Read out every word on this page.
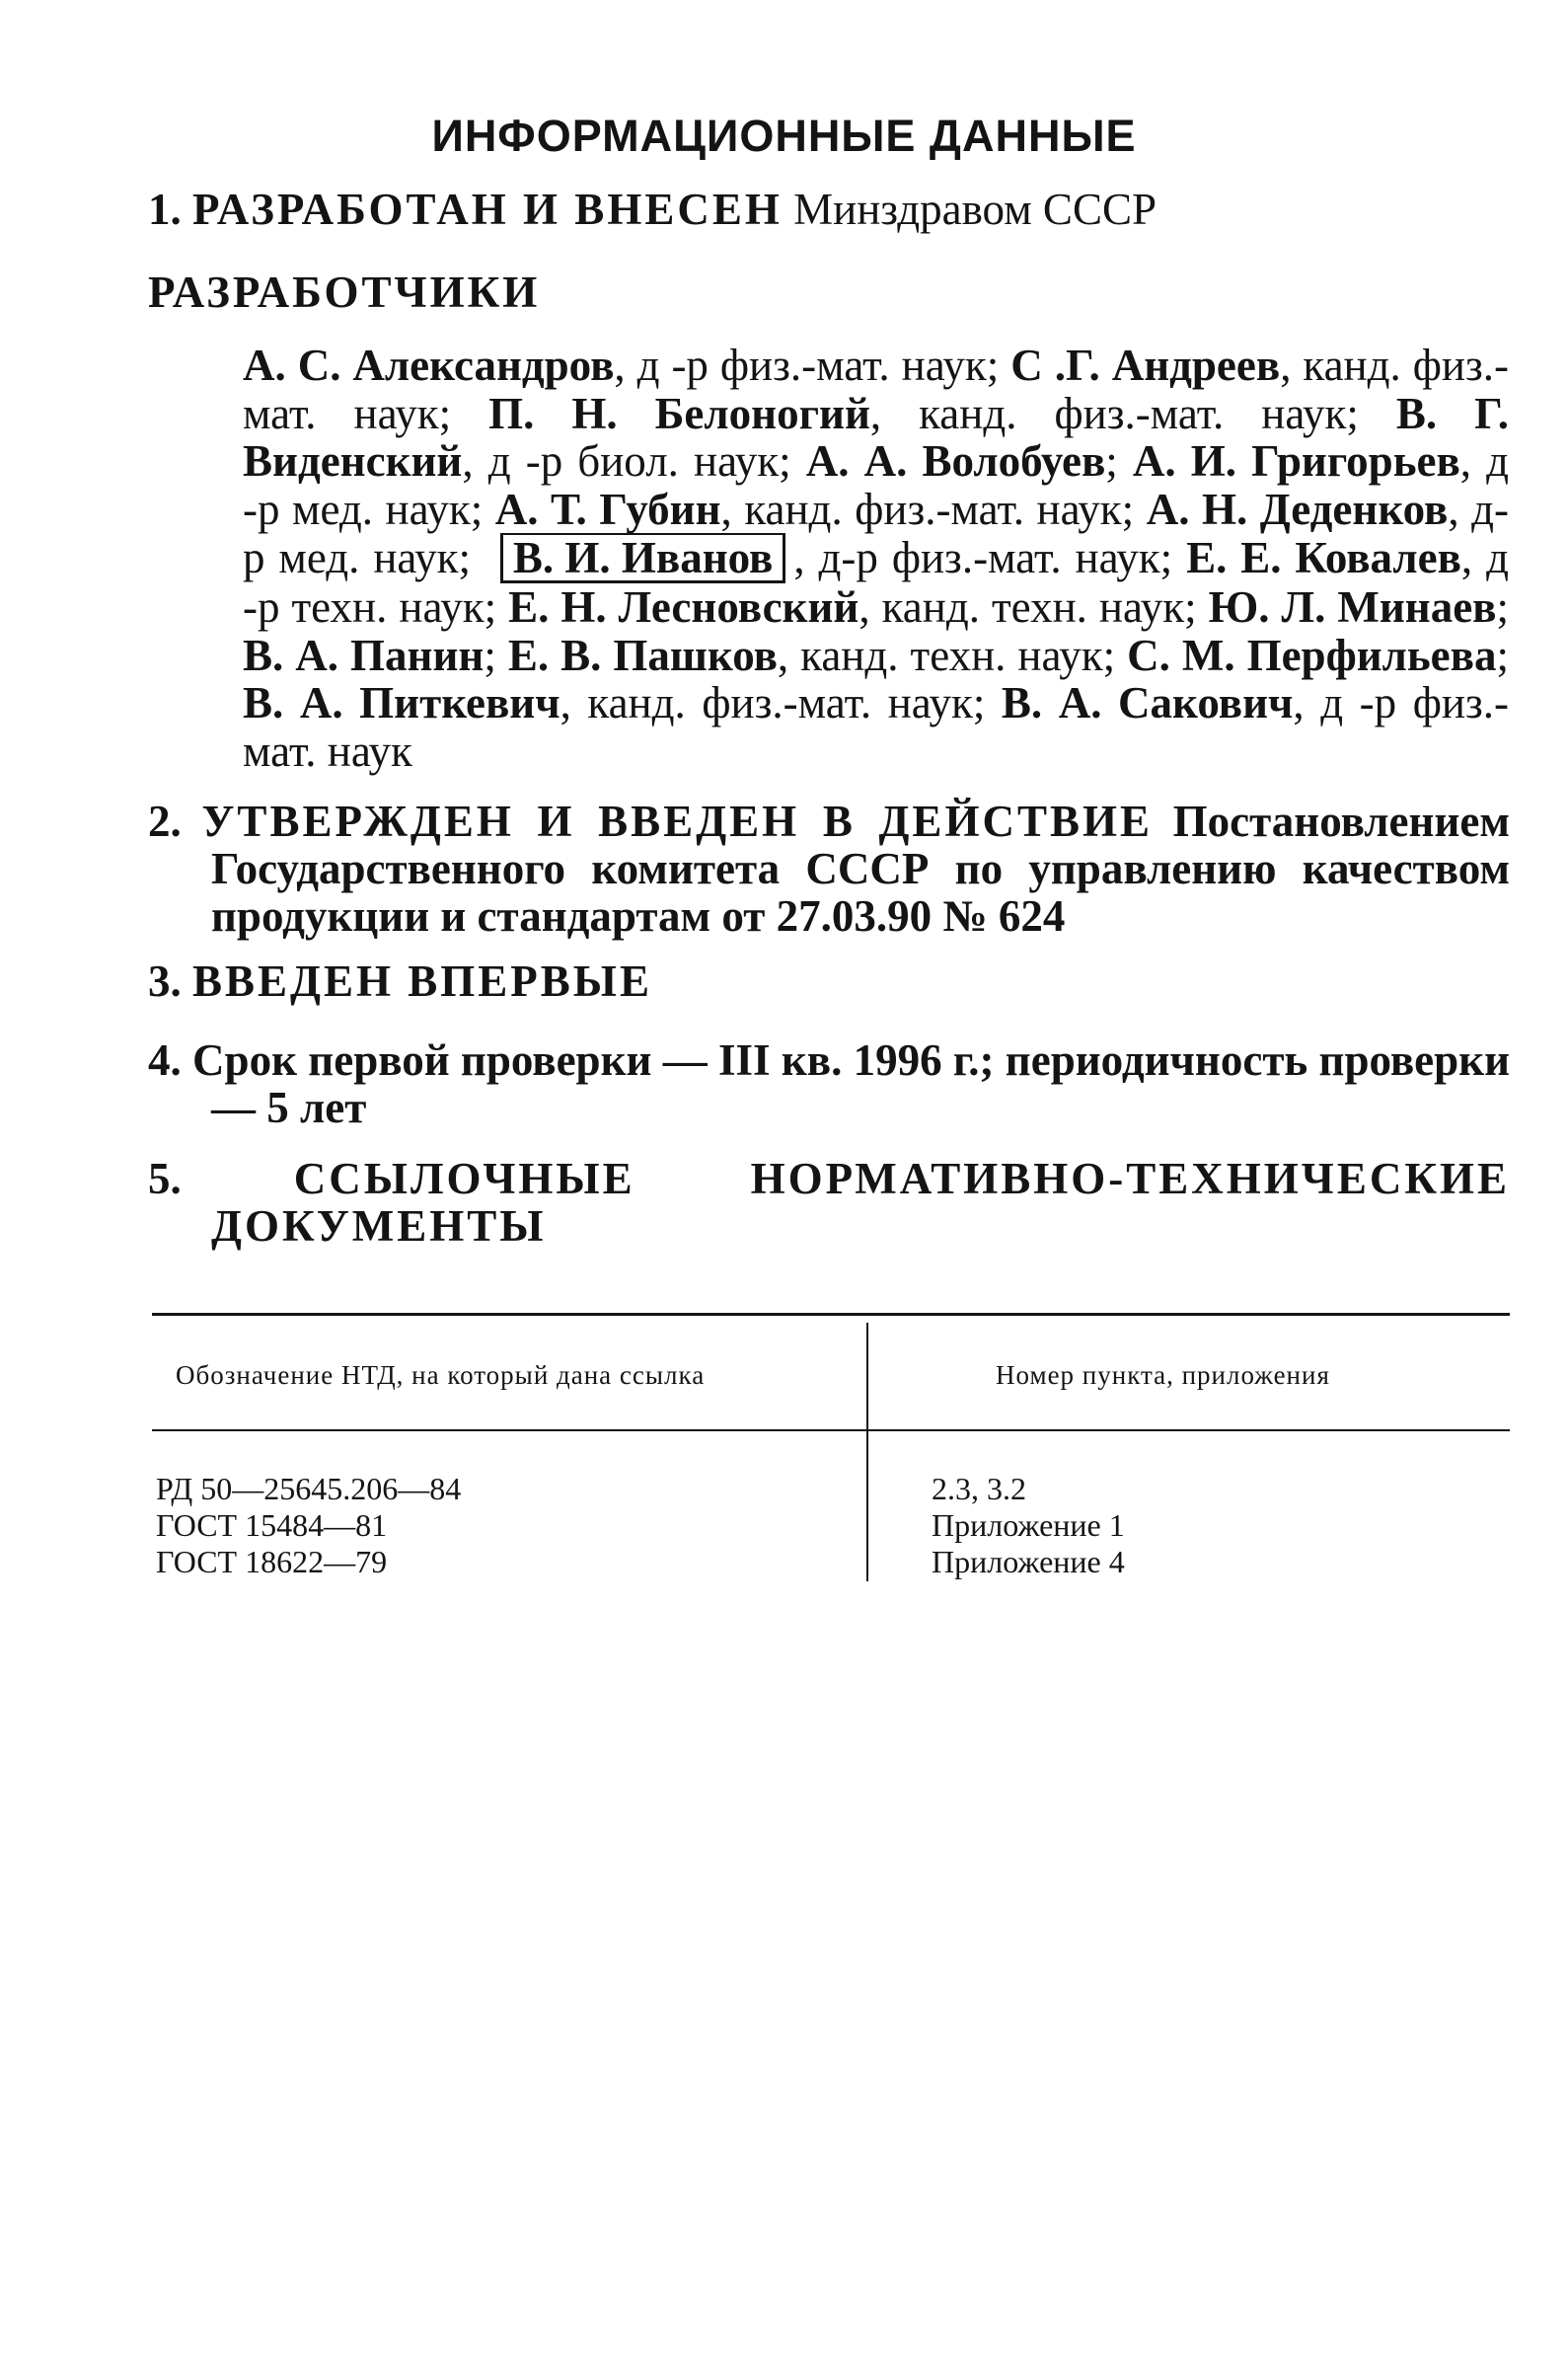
ИНФОРМАЦИОННЫЕ ДАННЫЕ
1. РАЗРАБОТАН И ВНЕСЕН Минздравом СССР
РАЗРАБОТЧИКИ
А. С. Александров, д -р физ.-мат. наук; С .Г. Андреев, канд. физ.-мат. наук; П. Н. Белоногий, канд. физ.-мат. наук; В. Г. Виденский, д -р биол. наук; А. А. Волобуев; А. И. Григорьев, д -р мед. наук; А. Т. Губин, канд. физ.-мат. наук; А. Н. Деденков, д-р мед. наук; В. И. Иванов , д-р физ.-мат. наук; Е. Е. Ковалев, д -р техн. наук; Е. Н. Лесновский, канд. техн. наук; Ю. Л. Минаев; В. А. Панин; Е. В. Пашков, канд. техн. наук; С. М. Перфильева; В. А. Питкевич, канд. физ.-мат. наук; В. А. Сакович, д -р физ.-мат. наук
2. УТВЕРЖДЕН И ВВЕДЕН В ДЕЙСТВИЕ Постановлением Государственного комитета СССР по управлению качеством продукции и стандартам от 27.03.90 № 624
3. ВВЕДЕН ВПЕРВЫЕ
4. Срок первой проверки — III кв. 1996 г.; периодичность проверки — 5 лет
5.	ССЫЛОЧНЫЕ НОРМАТИВНО-ТЕХНИЧЕСКИЕ ДОКУМЕНТЫ
Обозначение НТД, на который дана ссылка	Номер пункта, приложения
РД 50—25645.206—84
ГОСТ 15484—81
ГОСТ 18622—79
2.3, 3.2
Приложение 1
Приложение 4
